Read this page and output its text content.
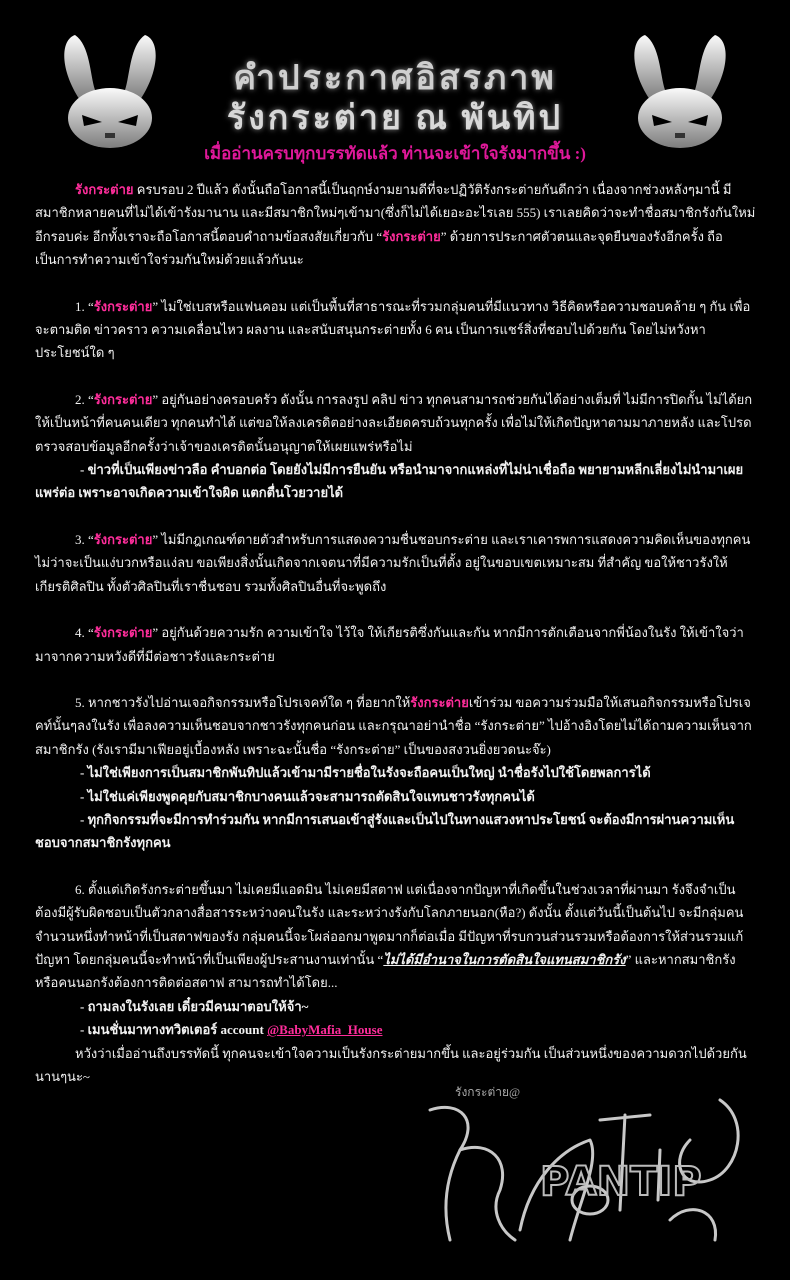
คำประกาศอิสรภาพ
รังกระต่าย ณ พันทิป
เมื่ออ่านครบทุกบรรทัดแล้ว ท่านจะเข้าใจรังมากขึ้น :)

รังกระต่าย ครบรอบ 2 ปีแล้ว ดังนั้นถือโอกาสนี้เป็นฤกษ์งามยามดีที่จะปฏิวัติรังกระต่ายกันดีกว่า เนื่องจากช่วงหลังๆมานี้ มีสมาชิกหลายคนที่ไม่ได้เข้ารังมานาน และมีสมาชิกใหม่ๆเข้ามา(ซึ่งก็ไม่ได้เยอะอะไรเลย 555) เราเลยคิดว่าจะทำชื่อสมาชิกรังกันใหม่อีกรอบค่ะ อีกทั้งเราจะถือโอกาสนี้ตอบคำถามข้อสงสัยเกี่ยวกับ “รังกระต่าย” ด้วยการประกาศตัวตนและจุดยืนของรังอีกครั้ง ถือเป็นการทำความเข้าใจร่วมกันใหม่ด้วยแล้วกันนะ

1. “รังกระต่าย” ไม่ใช่เบสหรือแฟนคอม แต่เป็นพื้นที่สาธารณะที่รวมกลุ่มคนที่มีแนวทาง วิธีคิดหรือความชอบคล้าย ๆ กัน เพื่อจะตามติด ข่าวคราว ความเคลื่อนไหว ผลงาน และสนับสนุนกระต่ายทั้ง 6 คน เป็นการแชร์สิ่งที่ชอบไปด้วยกัน โดยไม่หวังหาประโยชน์ใด ๆ

2. “รังกระต่าย” อยู่กันอย่างครอบครัว ดังนั้น การลงรูป คลิป ข่าว ทุกคนสามารถช่วยกันได้อย่างเต็มที่ ไม่มีการปิดกั้น ไม่ได้ยกให้เป็นหน้าที่คนคนเดียว ทุกคนทำได้ แต่ขอให้ลงเครดิตอย่างละเอียดครบถ้วนทุกครั้ง เพื่อไม่ให้เกิดปัญหาตามมาภายหลัง และโปรดตรวจสอบข้อมูลอีกครั้งว่าเจ้าของเครดิตนั้นอนุญาตให้เผยแพร่หรือไม่

- ข่าวที่เป็นเพียงข่าวลือ คำบอกต่อ โดยยังไม่มีการยืนยัน หรือนำมาจากแหล่งที่ไม่น่าเชื่อถือ พยายามหลีกเลี่ยงไม่นำมาเผยแพร่ต่อ เพราะอาจเกิดความเข้าใจผิด แตกตื่นโวยวายได้

3. “รังกระต่าย” ไม่มีกฎเกณฑ์ตายตัวสำหรับการแสดงความชื่นชอบกระต่าย และเราเคารพการแสดงความคิดเห็นของทุกคน ไม่ว่าจะเป็นแง่บวกหรือแง่ลบ ขอเพียงสิ่งนั้นเกิดจากเจตนาที่มีความรักเป็นที่ตั้ง อยู่ในขอบเขตเหมาะสม ที่สำคัญ ขอให้ชาวรังให้เกียรติศิลปิน ทั้งตัวศิลปินที่เราชื่นชอบ รวมทั้งศิลปินอื่นที่จะพูดถึง

4. “รังกระต่าย” อยู่กันด้วยความรัก ความเข้าใจ ไว้ใจ ให้เกียรติซึ่งกันและกัน หากมีการตักเตือนจากพี่น้องในรัง ให้เข้าใจว่ามาจากความหวังดีที่มีต่อชาวรังและกระต่าย

5. หากชาวรังไปอ่านเจอกิจกรรมหรือโปรเจคท์ใด ๆ ที่อยากให้รังกระต่ายเข้าร่วม ขอความร่วมมือให้เสนอกิจกรรมหรือโปรเจคท์นั้นๆลงในรัง เพื่อลงความเห็นชอบจากชาวรังทุกคนก่อน และกรุณาอย่านำชื่อ “รังกระต่าย” ไปอ้างอิงโดยไม่ได้ถามความเห็นจากสมาชิกรัง (รังเรามีมาเฟียอยู่เบื้องหลัง เพราะฉะนั้นชื่อ “รังกระต่าย” เป็นของสงวนยิ่งยวดนะจ๊ะ)

- ไม่ใช่เพียงการเป็นสมาชิกพันทิปแล้วเข้ามามีรายชื่อในรังจะถือคนเป็นใหญ่ นำชื่อรังไปใช้โดยพลการได้
- ไม่ใช่แค่เพียงพูดคุยกับสมาชิกบางคนแล้วจะสามารถตัดสินใจแทนชาวรังทุกคนได้

- ทุกกิจกรรมที่จะมีการทำร่วมกัน หากมีการเสนอเข้าสู่รังและเป็นไปในทางแสวงหาประโยชน์ จะต้องมีการผ่านความเห็นชอบจากสมาชิกรังทุกคน

6. ตั้งแต่เกิดรังกระต่ายขึ้นมา ไม่เคยมีแอดมิน ไม่เคยมีสตาฟ แต่เนื่องจากปัญหาที่เกิดขึ้นในช่วงเวลาที่ผ่านมา รังจึงจำเป็นต้องมีผู้รับผิดชอบเป็นตัวกลางสื่อสารระหว่างคนในรัง และระหว่างรังกับโลกภายนอก(หือ?) ดังนั้น ตั้งแต่วันนี้เป็นต้นไป จะมีกลุ่มคนจำนวนหนึ่งทำหน้าที่เป็นสตาฟของรัง กลุ่มคนนี้จะโผล่ออกมาพูดมากก็ต่อเมื่อ มีปัญหาที่รบกวนส่วนรวมหรือต้องการให้ส่วนรวมแก้ปัญหา โดยกลุ่มคนนี้จะทำหน้าที่เป็นเพียงผู้ประสานงานเท่านั้น “ไม่ได้มีอำนาจในการตัดสินใจแทนสมาชิกรัง” และหากสมาชิกรังหรือคนนอกรังต้องการติดต่อสตาฟ สามารถทำได้โดย...

- ถามลงในรังเลย เดี๋ยวมีคนมาตอบให้จ้า~
- เมนชั่นมาทางทวิตเตอร์ account @BabyMafia_House

หวังว่าเมื่ออ่านถึงบรรทัดนี้ ทุกคนจะเข้าใจความเป็นรังกระต่ายมากขึ้น และอยู่ร่วมกัน เป็นส่วนหนึ่งของความดวกไปด้วยกันนานๆนะ~

รังกระต่าย@
PANTIP
